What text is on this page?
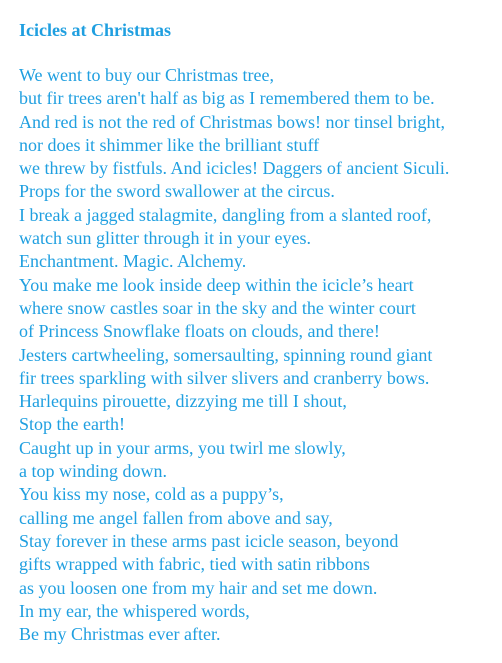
Icicles at Christmas
We went to buy our Christmas tree,
but fir trees aren't half as big as I remembered them to be.
And red is not the red of Christmas bows! nor tinsel bright,
nor does it shimmer like the brilliant stuff
we threw by fistfuls. And icicles! Daggers of ancient Siculi.
Props for the sword swallower at the circus.
I break a jagged stalagmite, dangling from a slanted roof,
watch sun glitter through it in your eyes.
Enchantment. Magic. Alchemy.
You make me look inside deep within the icicle’s heart
where snow castles soar in the sky and the winter court
of Princess Snowflake floats on clouds, and there!
Jesters cartwheeling, somersaulting, spinning round giant
fir trees sparkling with silver slivers and cranberry bows.
Harlequins pirouette, dizzying me till I shout,
Stop the earth!
Caught up in your arms, you twirl me slowly,
a top winding down.
You kiss my nose, cold as a puppy’s,
calling me angel fallen from above and say,
Stay forever in these arms past icicle season, beyond
gifts wrapped with fabric, tied with satin ribbons
as you loosen one from my hair and set me down.
In my ear, the whispered words,
Be my Christmas ever after.
